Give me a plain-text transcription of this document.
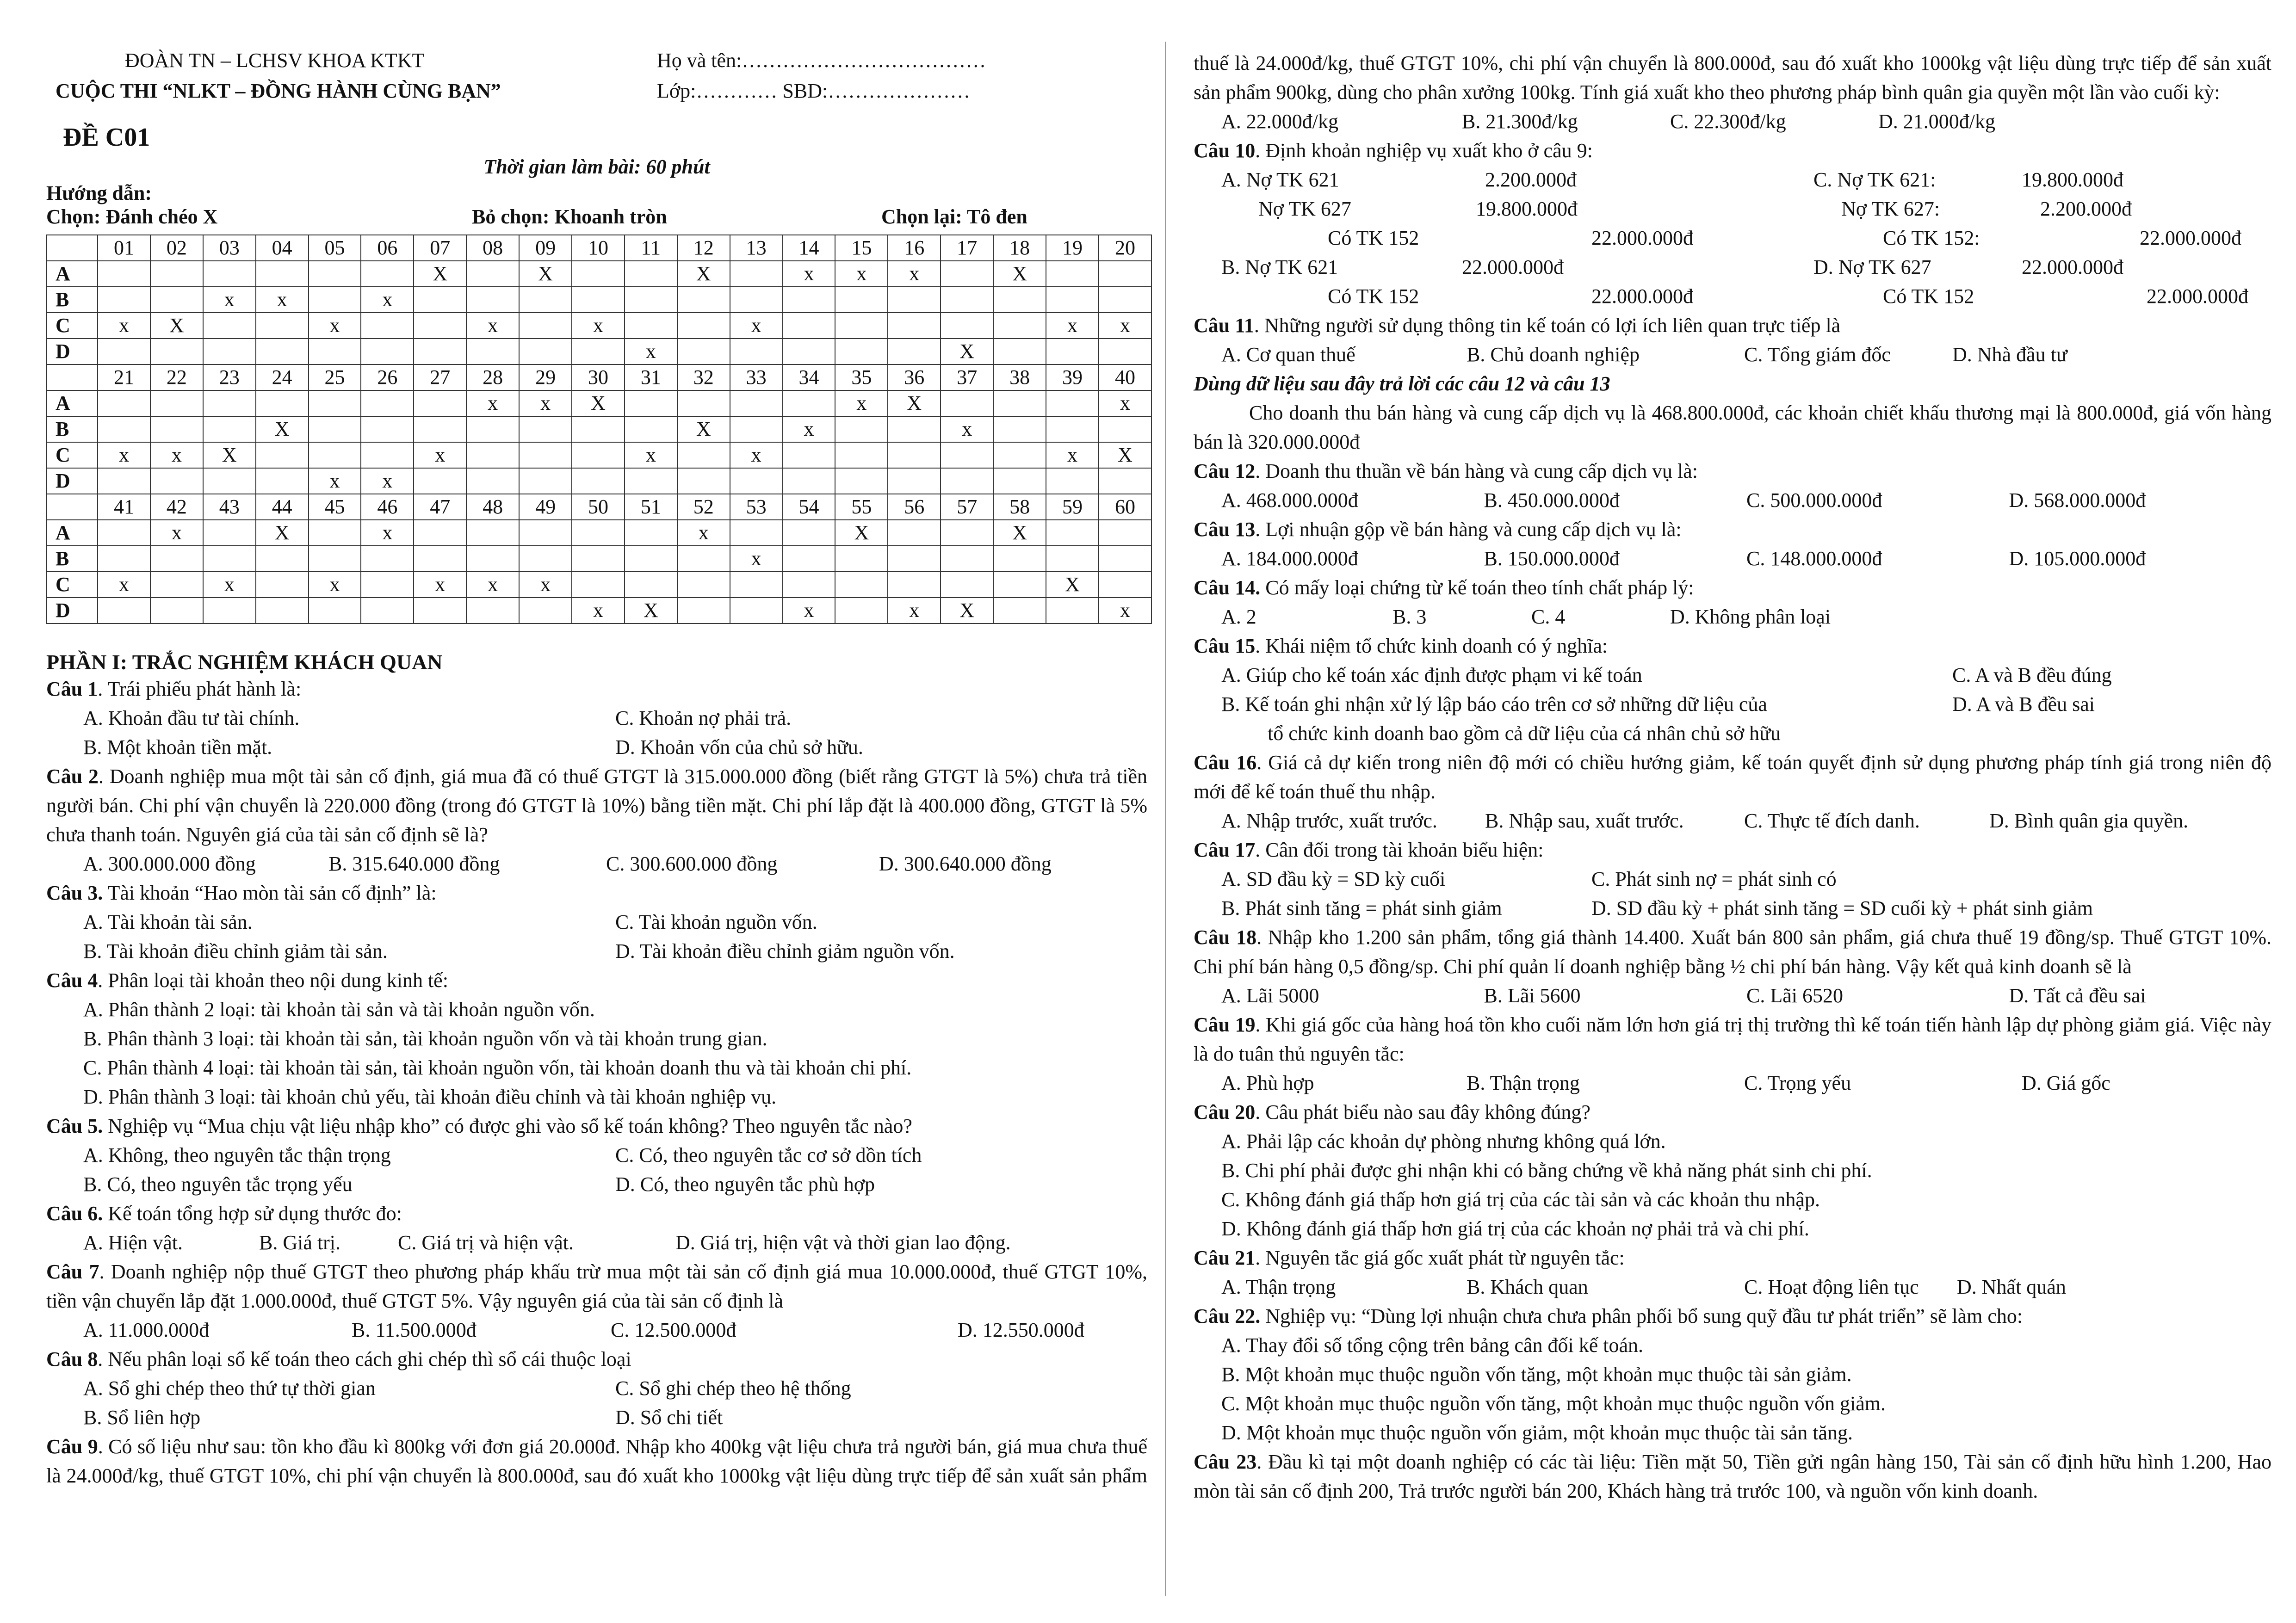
ĐOÀN TN – LCHSV KHOA KTKT
CUỘC THI “NLKT – ĐỒNG HÀNH CÙNG BẠN”
Họ và tên:………………………………
Lớp:………… SBD:…………………
ĐỀ C01
Thời gian làm bài: 60 phút
Hướng dẫn:
Chọn: Đánh chéo X	Bỏ chọn: Khoanh tròn	Chọn lại: Tô đen
	01	02	03	04	05	06	07	08	09	10	11	12	13	14	15	16	17	18	19	20
A							X		X			X		x	x	x		X		
B			x	x		x														
C	x	X			x			x		x			x						x	x
D											x						X			
	21	22	23	24	25	26	27	28	29	30	31	32	33	34	35	36	37	38	39	40
A								x	x	X					x	X				x
B				X								X		x			x			
C	x	x	X				x				x		x						x	X
D					x	x														
	41	42	43	44	45	46	47	48	49	50	51	52	53	54	55	56	57	58	59	60
A		x		X		x						x			X			X		
B													x							
C	x		x		x		x	x	x										X	
D										x	X			x		x	X			x
PHẦN I: TRẮC NGHIỆM KHÁCH QUAN
Câu 1. Trái phiếu phát hành là:
A. Khoản đầu tư tài chính.	C. Khoản nợ phải trả.
B. Một khoản tiền mặt.	D. Khoản vốn của chủ sở hữu.
Câu 2. Doanh nghiệp mua một tài sản cố định, giá mua đã có thuế GTGT là 315.000.000 đồng (biết rằng GTGT là 5%) chưa trả tiền người bán. Chi phí vận chuyển là 220.000 đồng (trong đó GTGT là 10%) bằng tiền mặt. Chi phí lắp đặt là 400.000 đồng, GTGT là 5% chưa thanh toán. Nguyên giá của tài sản cố định sẽ là?
A. 300.000.000 đồng	B. 315.640.000 đồng	C. 300.600.000 đồng	D. 300.640.000 đồng
Câu 3. Tài khoản “Hao mòn tài sản cố định” là:
A. Tài khoản tài sản.	C. Tài khoản nguồn vốn.
B. Tài khoản điều chỉnh giảm tài sản.	D. Tài khoản điều chỉnh giảm nguồn vốn.
Câu 4. Phân loại tài khoản theo nội dung kinh tế:
A. Phân thành 2 loại: tài khoản tài sản và tài khoản nguồn vốn.
B. Phân thành 3 loại: tài khoản tài sản, tài khoản nguồn vốn và tài khoản trung gian.
C. Phân thành 4 loại: tài khoản tài sản, tài khoản nguồn vốn, tài khoản doanh thu và tài khoản chi phí.
D. Phân thành 3 loại: tài khoản chủ yếu, tài khoản điều chỉnh và tài khoản nghiệp vụ.
Câu 5. Nghiệp vụ “Mua chịu vật liệu nhập kho” có được ghi vào sổ kế toán không? Theo nguyên tắc nào?
A. Không, theo nguyên tắc thận trọng	C. Có, theo nguyên tắc cơ sở dồn tích
B. Có, theo nguyên tắc trọng yếu	D. Có, theo nguyên tắc phù hợp
Câu 6. Kế toán tổng hợp sử dụng thước đo:
A. Hiện vật.	B. Giá trị.	C. Giá trị và hiện vật.	D. Giá trị, hiện vật và thời gian lao động.
Câu 7. Doanh nghiệp nộp thuế GTGT theo phương pháp khấu trừ mua một tài sản cố định giá mua 10.000.000đ, thuế GTGT 10%, tiền vận chuyển lắp đặt 1.000.000đ, thuế GTGT 5%. Vậy nguyên giá của tài sản cố định là
A. 11.000.000đ	B. 11.500.000đ	C. 12.500.000đ	D. 12.550.000đ
Câu 8. Nếu phân loại sổ kế toán theo cách ghi chép thì sổ cái thuộc loại
A. Sổ ghi chép theo thứ tự thời gian	C. Sổ ghi chép theo hệ thống
B. Sổ liên hợp	D. Sổ chi tiết
Câu 9. Có số liệu như sau: tồn kho đầu kì 800kg với đơn giá 20.000đ. Nhập kho 400kg vật liệu chưa trả người bán, giá mua chưa thuế là 24.000đ/kg, thuế GTGT 10%, chi phí vận chuyển là 800.000đ, sau đó xuất kho 1000kg vật liệu dùng trực tiếp để sản xuất sản phẩm
thuế là 24.000đ/kg, thuế GTGT 10%, chi phí vận chuyển là 800.000đ, sau đó xuất kho 1000kg vật liệu dùng trực tiếp để sản xuất sản phẩm 900kg, dùng cho phân xưởng 100kg. Tính giá xuất kho theo phương pháp bình quân gia quyền một lần vào cuối kỳ:
A. 22.000đ/kg	B. 21.300đ/kg	C. 22.300đ/kg	D. 21.000đ/kg
Câu 10. Định khoản nghiệp vụ xuất kho ở câu 9:
A. Nợ TK 621	2.200.000đ	C. Nợ TK 621:	19.800.000đ
Nợ TK 627	19.800.000đ	Nợ TK 627:	2.200.000đ
Có TK 152	22.000.000đ	Có TK 152:	22.000.000đ
B. Nợ TK 621	22.000.000đ	D. Nợ TK 627	22.000.000đ
Có TK 152	22.000.000đ	Có TK 152	22.000.000đ
Câu 11. Những người sử dụng thông tin kế toán có lợi ích liên quan trực tiếp là
A. Cơ quan thuế	B. Chủ doanh nghiệp	C. Tổng giám đốc	D. Nhà đầu tư
Dùng dữ liệu sau đây trả lời các câu 12 và câu 13
Cho doanh thu bán hàng và cung cấp dịch vụ là 468.800.000đ, các khoản chiết khấu thương mại là 800.000đ, giá vốn hàng bán là 320.000.000đ
Câu 12. Doanh thu thuần về bán hàng và cung cấp dịch vụ là:
A. 468.000.000đ	B. 450.000.000đ	C. 500.000.000đ	D. 568.000.000đ
Câu 13. Lợi nhuận gộp về bán hàng và cung cấp dịch vụ là:
A. 184.000.000đ	B. 150.000.000đ	C. 148.000.000đ	D. 105.000.000đ
Câu 14. Có mấy loại chứng từ kế toán theo tính chất pháp lý:
A. 2	B. 3	C. 4	D. Không phân loại
Câu 15. Khái niệm tổ chức kinh doanh có ý nghĩa:
A. Giúp cho kế toán xác định được phạm vi kế toán	C. A và B đều đúng
B. Kế toán ghi nhận xử lý lập báo cáo trên cơ sở những dữ liệu của	D. A và B đều sai
tổ chức kinh doanh bao gồm cả dữ liệu của cá nhân chủ sở hữu
Câu 16. Giá cả dự kiến trong niên độ mới có chiều hướng giảm, kế toán quyết định sử dụng phương pháp tính giá trong niên độ mới để kế toán thuế thu nhập.
A. Nhập trước, xuất trước.	B. Nhập sau, xuất trước.	C. Thực tế đích danh.	D. Bình quân gia quyền.
Câu 17. Cân đối trong tài khoản biểu hiện:
A. SD đầu kỳ = SD kỳ cuối	C. Phát sinh nợ = phát sinh có
B. Phát sinh tăng = phát sinh giảm	D. SD đầu kỳ + phát sinh tăng = SD cuối kỳ + phát sinh giảm
Câu 18. Nhập kho 1.200 sản phẩm, tổng giá thành 14.400. Xuất bán 800 sản phẩm, giá chưa thuế 19 đồng/sp. Thuế GTGT 10%. Chi phí bán hàng 0,5 đồng/sp. Chi phí quản lí doanh nghiệp bằng ½ chi phí bán hàng. Vậy kết quả kinh doanh sẽ là
A. Lãi 5000	B. Lãi 5600	C. Lãi 6520	D. Tất cả đều sai
Câu 19. Khi giá gốc của hàng hoá tồn kho cuối năm lớn hơn giá trị thị trường thì kế toán tiến hành lập dự phòng giảm giá. Việc này là do tuân thủ nguyên tắc:
A. Phù hợp	B. Thận trọng	C. Trọng yếu	D. Giá gốc
Câu 20. Câu phát biểu nào sau đây không đúng?
A. Phải lập các khoản dự phòng nhưng không quá lớn.
B. Chi phí phải được ghi nhận khi có bằng chứng về khả năng phát sinh chi phí.
C. Không đánh giá thấp hơn giá trị của các tài sản và các khoản thu nhập.
D. Không đánh giá thấp hơn giá trị của các khoản nợ phải trả và chi phí.
Câu 21. Nguyên tắc giá gốc xuất phát từ nguyên tắc:
A. Thận trọng	B. Khách quan	C. Hoạt động liên tục	D. Nhất quán
Câu 22. Nghiệp vụ: “Dùng lợi nhuận chưa chưa phân phối bổ sung quỹ đầu tư phát triển” sẽ làm cho:
A. Thay đổi số tổng cộng trên bảng cân đối kế toán.
B. Một khoản mục thuộc nguồn vốn tăng, một khoản mục thuộc tài sản giảm.
C. Một khoản mục thuộc nguồn vốn tăng, một khoản mục thuộc nguồn vốn giảm.
D. Một khoản mục thuộc nguồn vốn giảm, một khoản mục thuộc tài sản tăng.
Câu 23. Đầu kì tại một doanh nghiệp có các tài liệu: Tiền mặt 50, Tiền gửi ngân hàng 150, Tài sản cố định hữu hình 1.200, Hao mòn tài sản cố định 200, Trả trước người bán 200, Khách hàng trả trước 100, và nguồn vốn kinh doanh.
